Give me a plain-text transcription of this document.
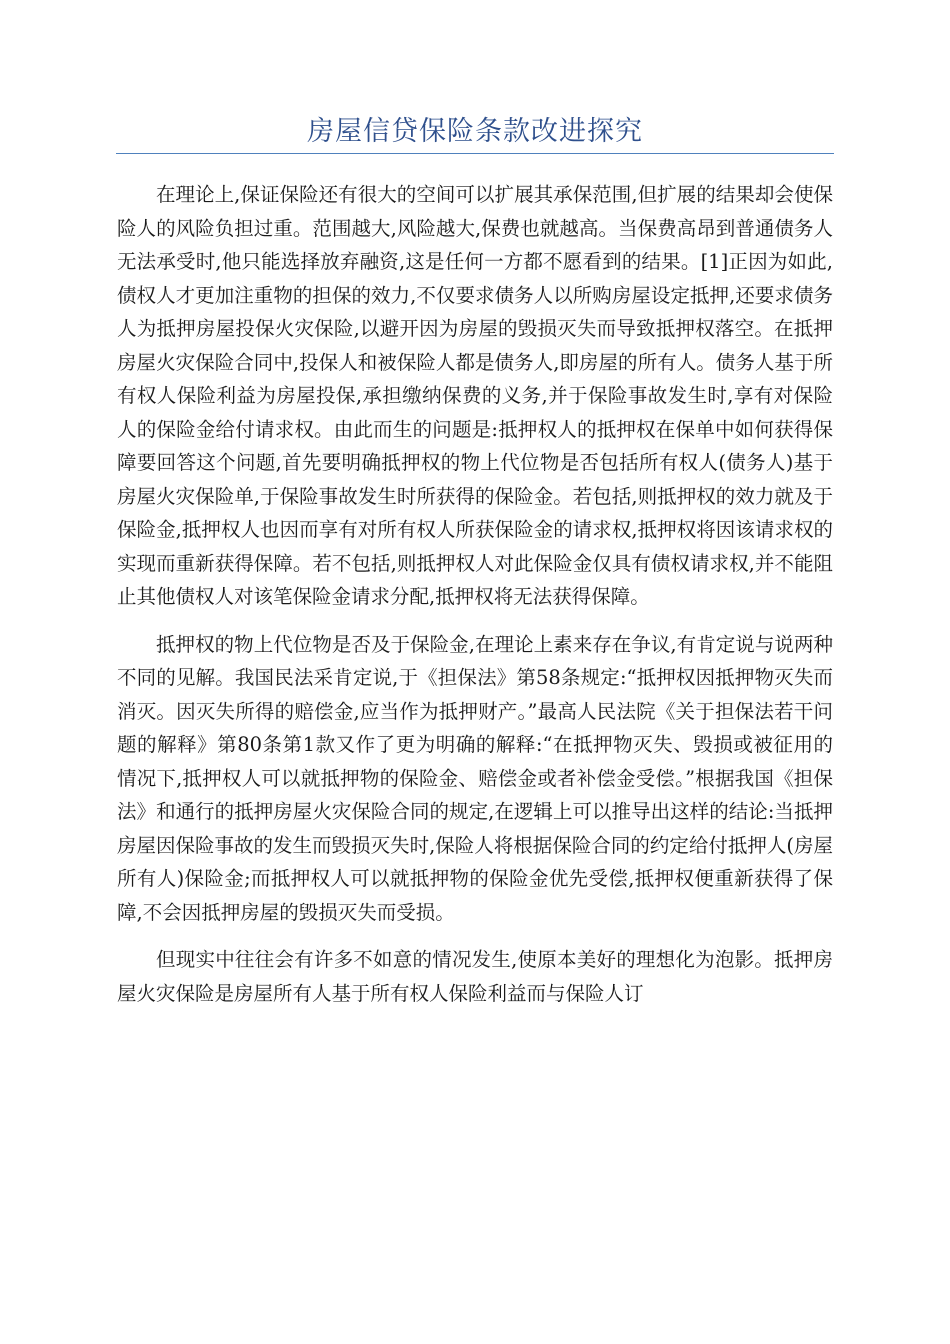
房屋信贷保险条款改进探究

在理论上,保证保险还有很大的空间可以扩展其承保范围,但扩展的结果却会使保险人的风险负担过重。范围越大,风险越大,保费也就越高。当保费高昂到普通债务人无法承受时,他只能选择放弃融资,这是任何一方都不愿看到的结果。[1]正因为如此,债权人才更加注重物的担保的效力,不仅要求债务人以所购房屋设定抵押,还要求债务人为抵押房屋投保火灾保险,以避开因为房屋的毁损灭失而导致抵押权落空。在抵押房屋火灾保险合同中,投保人和被保险人都是债务人,即房屋的所有人。债务人基于所有权人保险利益为房屋投保,承担缴纳保费的义务,并于保险事故发生时,享有对保险人的保险金给付请求权。由此而生的问题是:抵押权人的抵押权在保单中如何获得保障要回答这个问题,首先要明确抵押权的物上代位物是否包括所有权人(债务人)基于房屋火灾保险单,于保险事故发生时所获得的保险金。若包括,则抵押权的效力就及于保险金,抵押权人也因而享有对所有权人所获保险金的请求权,抵押权将因该请求权的实现而重新获得保障。若不包括,则抵押权人对此保险金仅具有债权请求权,并不能阻止其他债权人对该笔保险金请求分配,抵押权将无法获得保障。

抵押权的物上代位物是否及于保险金,在理论上素来存在争议,有肯定说与说两种不同的见解。我国民法采肯定说,于《担保法》第58条规定:“抵押权因抵押物灭失而消灭。因灭失所得的赔偿金,应当作为抵押财产。”最高人民法院《关于担保法若干问题的解释》第80条第1款又作了更为明确的解释:“在抵押物灭失、毁损或被征用的情况下,抵押权人可以就抵押物的保险金、赔偿金或者补偿金受偿。”根据我国《担保法》和通行的抵押房屋火灾保险合同的规定,在逻辑上可以推导出这样的结论:当抵押房屋因保险事故的发生而毁损灭失时,保险人将根据保险合同的约定给付抵押人(房屋所有人)保险金;而抵押权人可以就抵押物的保险金优先受偿,抵押权便重新获得了保障,不会因抵押房屋的毁损灭失而受损。

但现实中往往会有许多不如意的情况发生,使原本美好的理想化为泡影。抵押房屋火灾保险是房屋所有人基于所有权人保险利益而与保险人订
